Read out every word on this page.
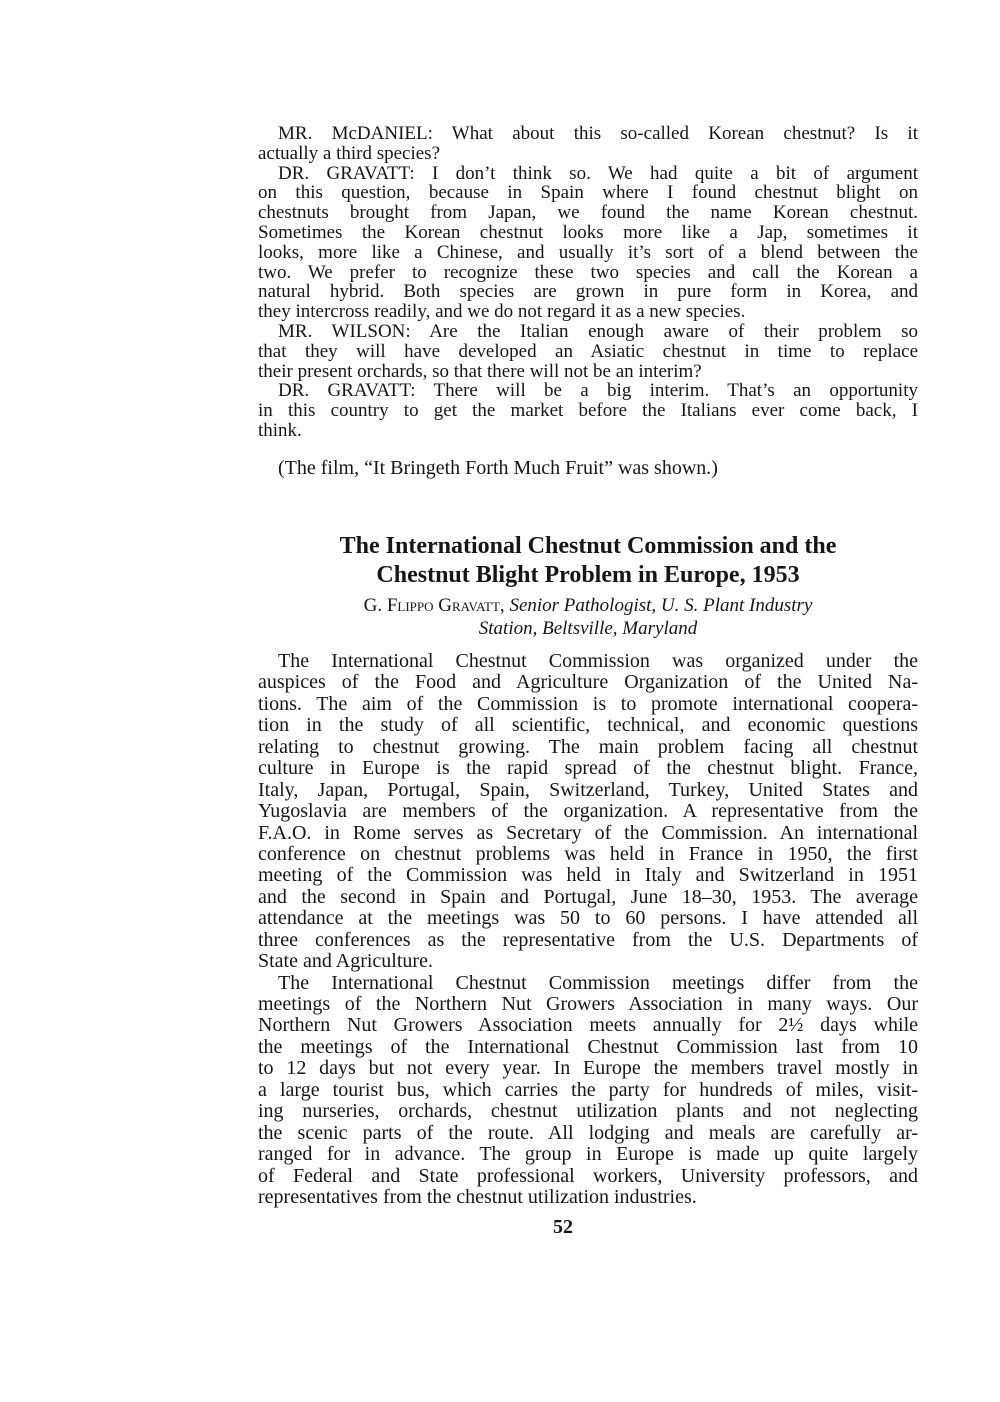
MR. McDANIEL: What about this so-called Korean chestnut? Is it
actually a third species?
DR. GRAVATT: I don’t think so. We had quite a bit of argument
on this question, because in Spain where I found chestnut blight on
chestnuts brought from Japan, we found the name Korean chestnut.
Sometimes the Korean chestnut looks more like a Jap, sometimes it
looks, more like a Chinese, and usually it’s sort of a blend between the
two. We prefer to recognize these two species and call the Korean a
natural hybrid. Both species are grown in pure form in Korea, and
they intercross readily, and we do not regard it as a new species.
MR. WILSON: Are the Italian enough aware of their problem so
that they will have developed an Asiatic chestnut in time to replace
their present orchards, so that there will not be an interim?
DR. GRAVATT: There will be a big interim. That’s an opportunity
in this country to get the market before the Italians ever come back, I
think.
(The film, “It Bringeth Forth Much Fruit” was shown.)
The International Chestnut Commission and the
Chestnut Blight Problem in Europe, 1953
G. Flippo Gravatt, Senior Pathologist, U. S. Plant Industry
Station, Beltsville, Maryland
The International Chestnut Commission was organized under the
auspices of the Food and Agriculture Organization of the United Na-
tions. The aim of the Commission is to promote international coopera-
tion in the study of all scientific, technical, and economic questions
relating to chestnut growing. The main problem facing all chestnut
culture in Europe is the rapid spread of the chestnut blight. France,
Italy, Japan, Portugal, Spain, Switzerland, Turkey, United States and
Yugoslavia are members of the organization. A representative from the
F.A.O. in Rome serves as Secretary of the Commission. An international
conference on chestnut problems was held in France in 1950, the first
meeting of the Commission was held in Italy and Switzerland in 1951
and the second in Spain and Portugal, June 18–30, 1953. The average
attendance at the meetings was 50 to 60 persons. I have attended all
three conferences as the representative from the U.S. Departments of
State and Agriculture.
The International Chestnut Commission meetings differ from the
meetings of the Northern Nut Growers Association in many ways. Our
Northern Nut Growers Association meets annually for 2½ days while
the meetings of the International Chestnut Commission last from 10
to 12 days but not every year. In Europe the members travel mostly in
a large tourist bus, which carries the party for hundreds of miles, visit-
ing nurseries, orchards, chestnut utilization plants and not neglecting
the scenic parts of the route. All lodging and meals are carefully ar-
ranged for in advance. The group in Europe is made up quite largely
of Federal and State professional workers, University professors, and
representatives from the chestnut utilization industries.
52
